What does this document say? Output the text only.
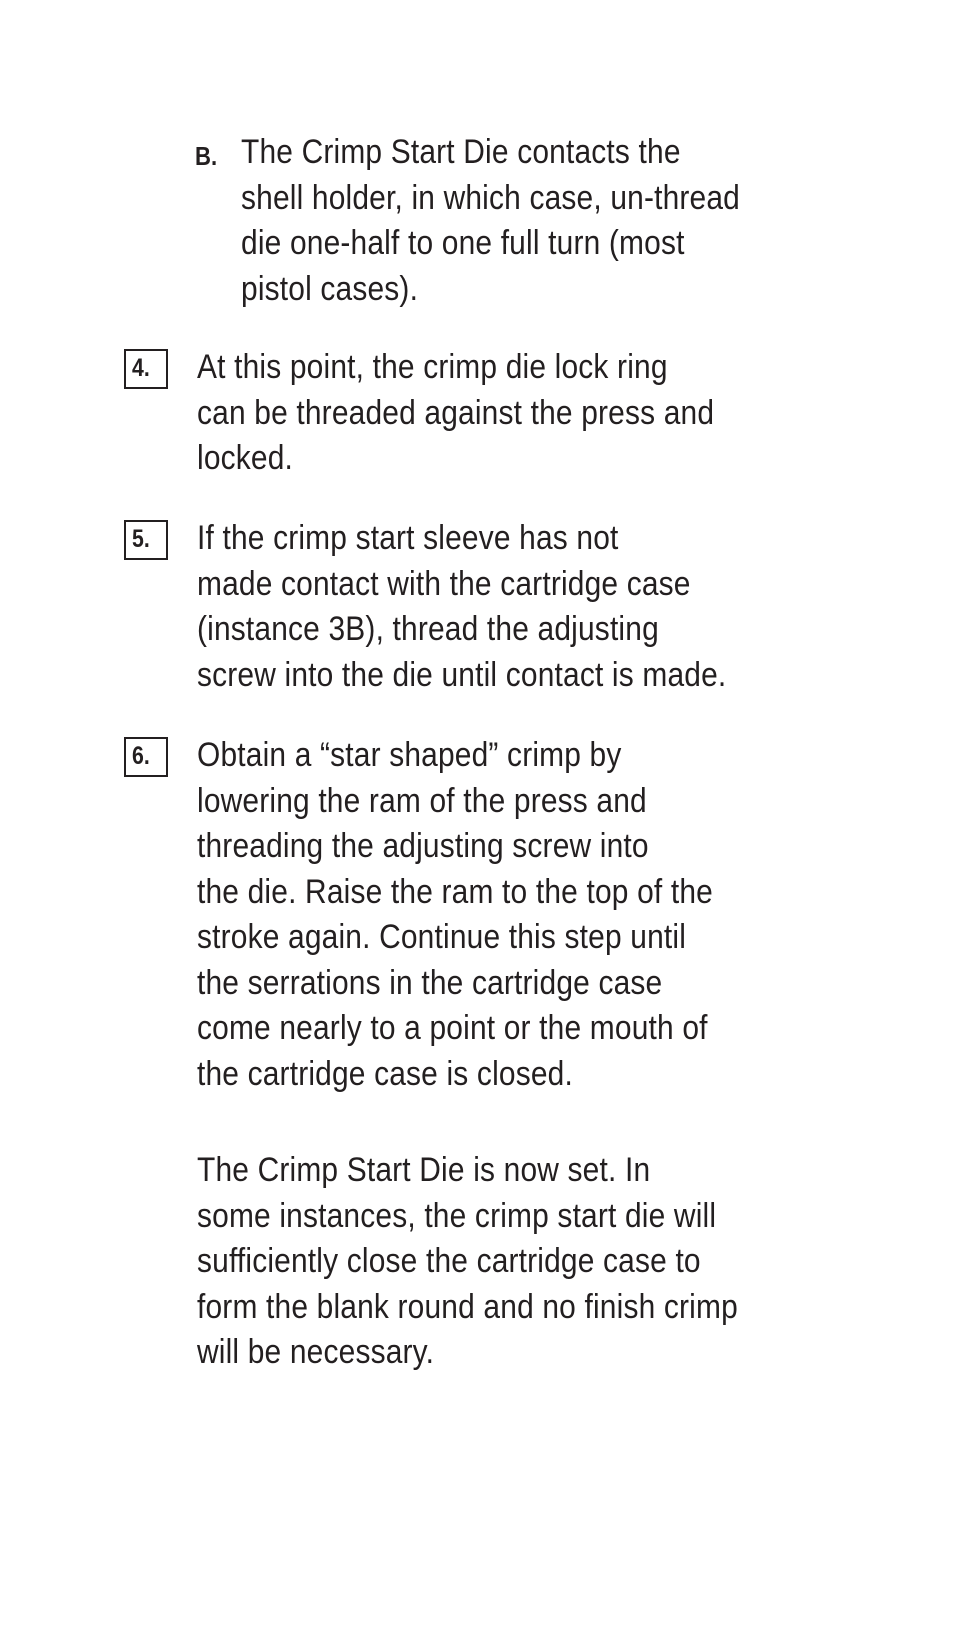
B. The Crimp Start Die contacts the
shell holder, in which case, un-thread
die one-half to one full turn (most
pistol cases).
4.	At this point, the crimp die lock ring
can be threaded against the press and
locked.
5.	If the crimp start sleeve has not
made contact with the cartridge case
(instance 3B), thread the adjusting
screw into the die until contact is made.
6.	Obtain a “star shaped” crimp by
lowering the ram of the press and
threading the adjusting screw into
the die. Raise the ram to the top of the
stroke again. Continue this step until
the serrations in the cartridge case
come nearly to a point or the mouth of
the cartridge case is closed.
The Crimp Start Die is now set. In
some instances, the crimp start die will
sufficiently close the cartridge case to
form the blank round and no finish crimp
will be necessary.
